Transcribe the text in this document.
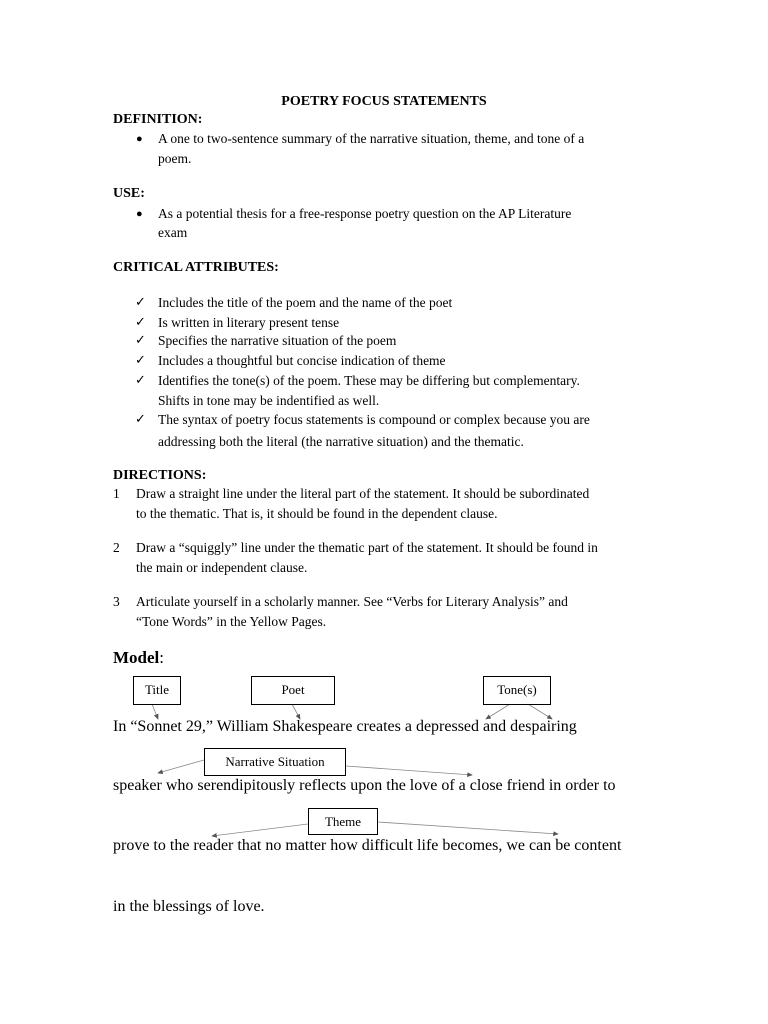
POETRY FOCUS STATEMENTS
DEFINITION:
● A one to two-sentence summary of the narrative situation, theme, and tone of a
poem.
USE:
● As a potential thesis for a free-response poetry question on the AP Literature
exam
CRITICAL ATTRIBUTES:
✓ Includes the title of the poem and the name of the poet
✓ Is written in literary present tense
✓ Specifies the narrative situation of the poem
✓ Includes a thoughtful but concise indication of theme
✓ Identifies the tone(s) of the poem. These may be differing but complementary.
Shifts in tone may be indentified as well.
✓ The syntax of poetry focus statements is compound or complex because you are
addressing both the literal (the narrative situation) and the thematic.
DIRECTIONS:
1 Draw a straight line under the literal part of the statement. It should be subordinated
to the thematic. That is, it should be found in the dependent clause.
2 Draw a “squiggly” line under the thematic part of the statement. It should be found in
the main or independent clause.
3 Articulate yourself in a scholarly manner. See “Verbs for Literary Analysis” and
“Tone Words” in the Yellow Pages.
Model:
Title	Poet	Tone(s)
Narrative Situation
Theme
In “Sonnet 29,” William Shakespeare creates a depressed and despairing
speaker who serendipitously reflects upon the love of a close friend in order to
prove to the reader that no matter how difficult life becomes, we can be content
in the blessings of love.
